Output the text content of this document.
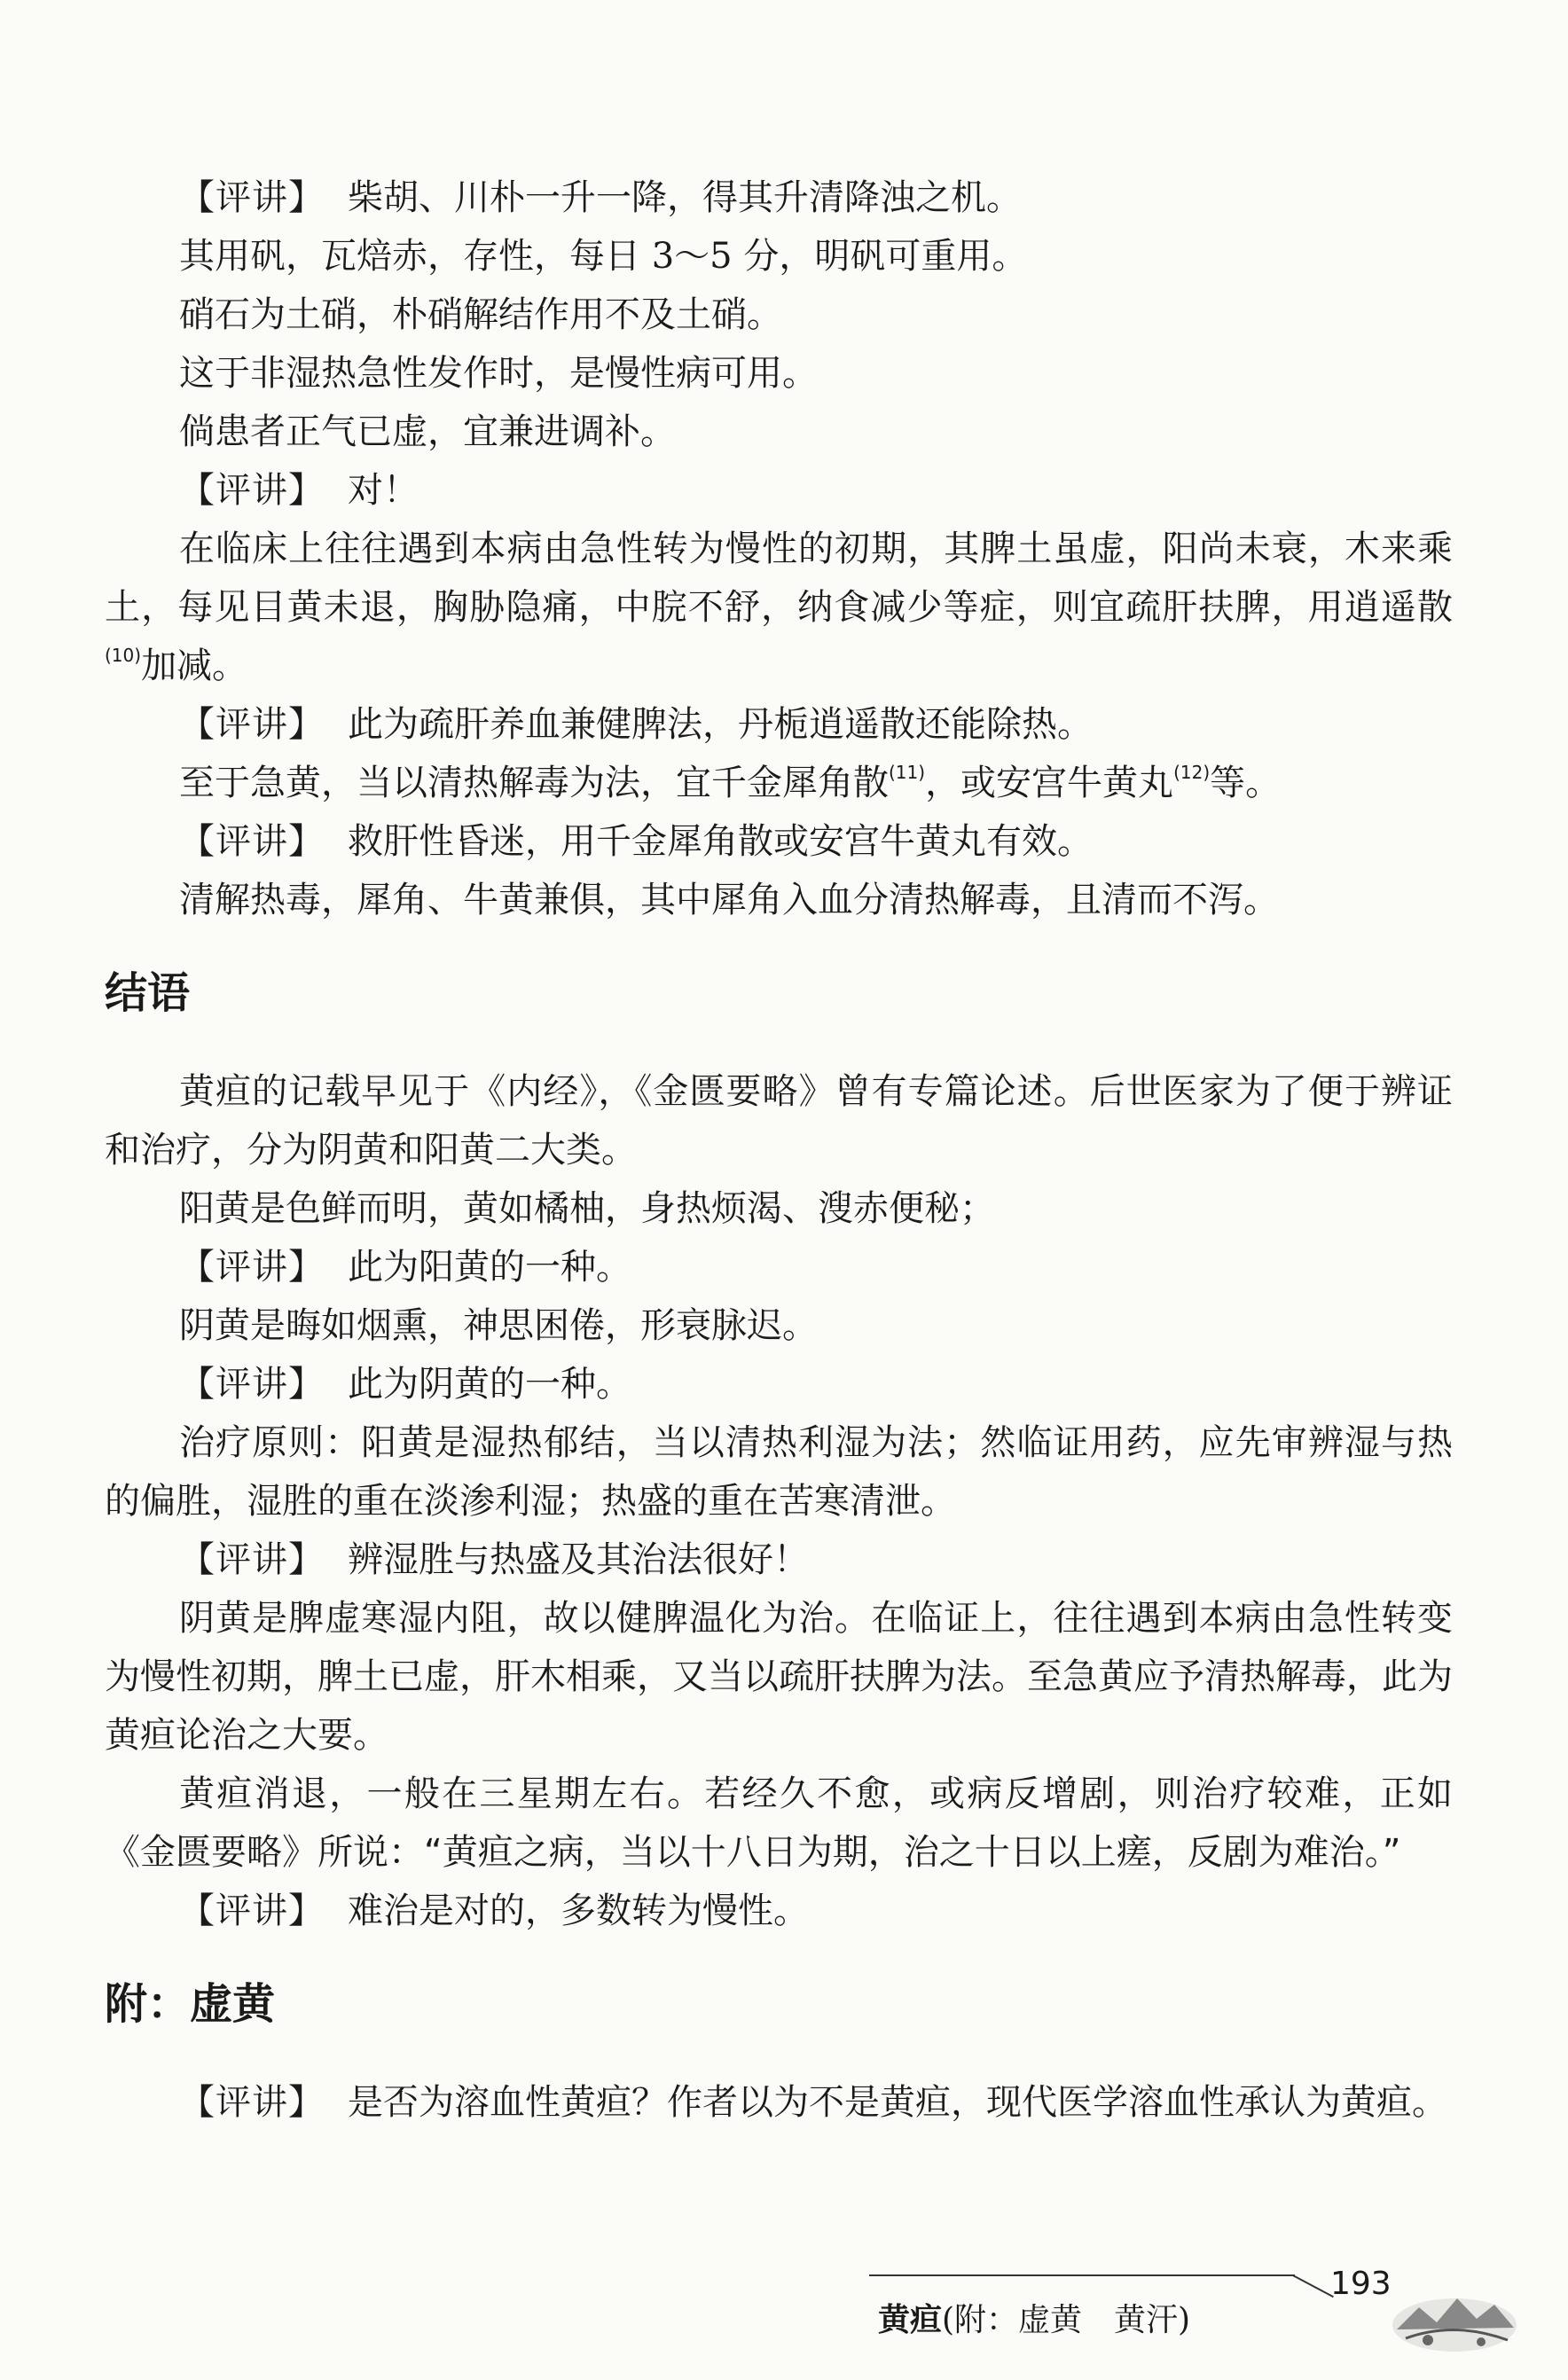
【评讲】 柴胡、川朴一升一降，得其升清降浊之机。

其用矾，瓦焙赤，存性，每日 3～5 分，明矾可重用。

硝石为土硝，朴硝解结作用不及土硝。

这于非湿热急性发作时，是慢性病可用。

倘患者正气已虚，宜兼进调补。

【评讲】 对！

在临床上往往遇到本病由急性转为慢性的初期，其脾土虽虚，阳尚未衰，木来乘土，每见目黄未退，胸胁隐痛，中脘不舒，纳食减少等症，则宜疏肝扶脾，用逍遥散$^{(10)}$加减。

【评讲】 此为疏肝养血兼健脾法，丹栀逍遥散还能除热。

至于急黄，当以清热解毒为法，宜千金犀角散$^{(11)}$，或安宫牛黄丸$^{(12)}$等。

【评讲】 救肝性昏迷，用千金犀角散或安宫牛黄丸有效。

清解热毒，犀角、牛黄兼俱，其中犀角入血分清热解毒，且清而不泻。

结语

黄疸的记载早见于《内经》，《金匮要略》曾有专篇论述。后世医家为了便于辨证和治疗，分为阴黄和阳黄二大类。

阳黄是色鲜而明，黄如橘柚，身热烦渴、溲赤便秘；

【评讲】 此为阳黄的一种。

阴黄是晦如烟熏，神思困倦，形衰脉迟。

【评讲】 此为阴黄的一种。

治疗原则：阳黄是湿热郁结，当以清热利湿为法；然临证用药，应先审辨湿与热的偏胜，湿胜的重在淡渗利湿；热盛的重在苦寒清泄。

【评讲】 辨湿胜与热盛及其治法很好！

阴黄是脾虚寒湿内阻，故以健脾温化为治。在临证上，往往遇到本病由急性转变为慢性初期，脾土已虚，肝木相乘，又当以疏肝扶脾为法。至急黄应予清热解毒，此为黄疸论治之大要。

黄疸消退，一般在三星期左右。若经久不愈，或病反增剧，则治疗较难，正如《金匮要略》所说：“黄疸之病，当以十八日为期，治之十日以上瘥，反剧为难治。”

【评讲】 难治是对的，多数转为慢性。

附：虚黄

【评讲】 是否为溶血性黄疸？作者以为不是黄疸，现代医学溶血性承认为黄疸。

黄疸(附：虚黄　黄汗)
193
